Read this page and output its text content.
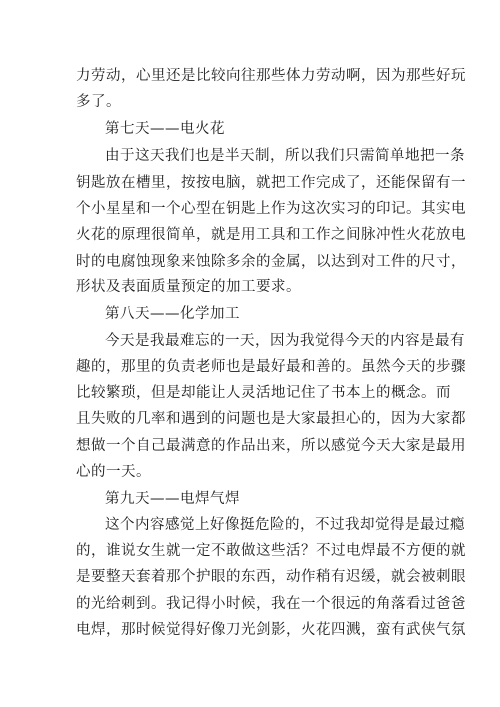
力劳动，心里还是比较向往那些体力劳动啊，因为那些好玩
多了。
第七天——电火花
由于这天我们也是半天制，所以我们只需简单地把一条
钥匙放在槽里，按按电脑，就把工作完成了，还能保留有一
个小星星和一个心型在钥匙上作为这次实习的印记。其实电
火花的原理很简单，就是用工具和工作之间脉冲性火花放电
时的电腐蚀现象来蚀除多余的金属，以达到对工件的尺寸，
形状及表面质量预定的加工要求。
第八天——化学加工
今天是我最难忘的一天，因为我觉得今天的内容是最有
趣的，那里的负责老师也是最好最和善的。虽然今天的步骤
比较繁琐，但是却能让人灵活地记住了书本上的概念。而
且失败的几率和遇到的问题也是大家最担心的，因为大家都
想做一个自己最满意的作品出来，所以感觉今天大家是最用
心的一天。
第九天——电焊气焊
这个内容感觉上好像挺危险的，不过我却觉得是最过瘾
的，谁说女生就一定不敢做这些活？不过电焊最不方便的就
是要整天套着那个护眼的东西，动作稍有迟缓，就会被刺眼
的光给刺到。我记得小时候，我在一个很远的角落看过爸爸
电焊，那时候觉得好像刀光剑影，火花四溅，蛮有武侠气氛
